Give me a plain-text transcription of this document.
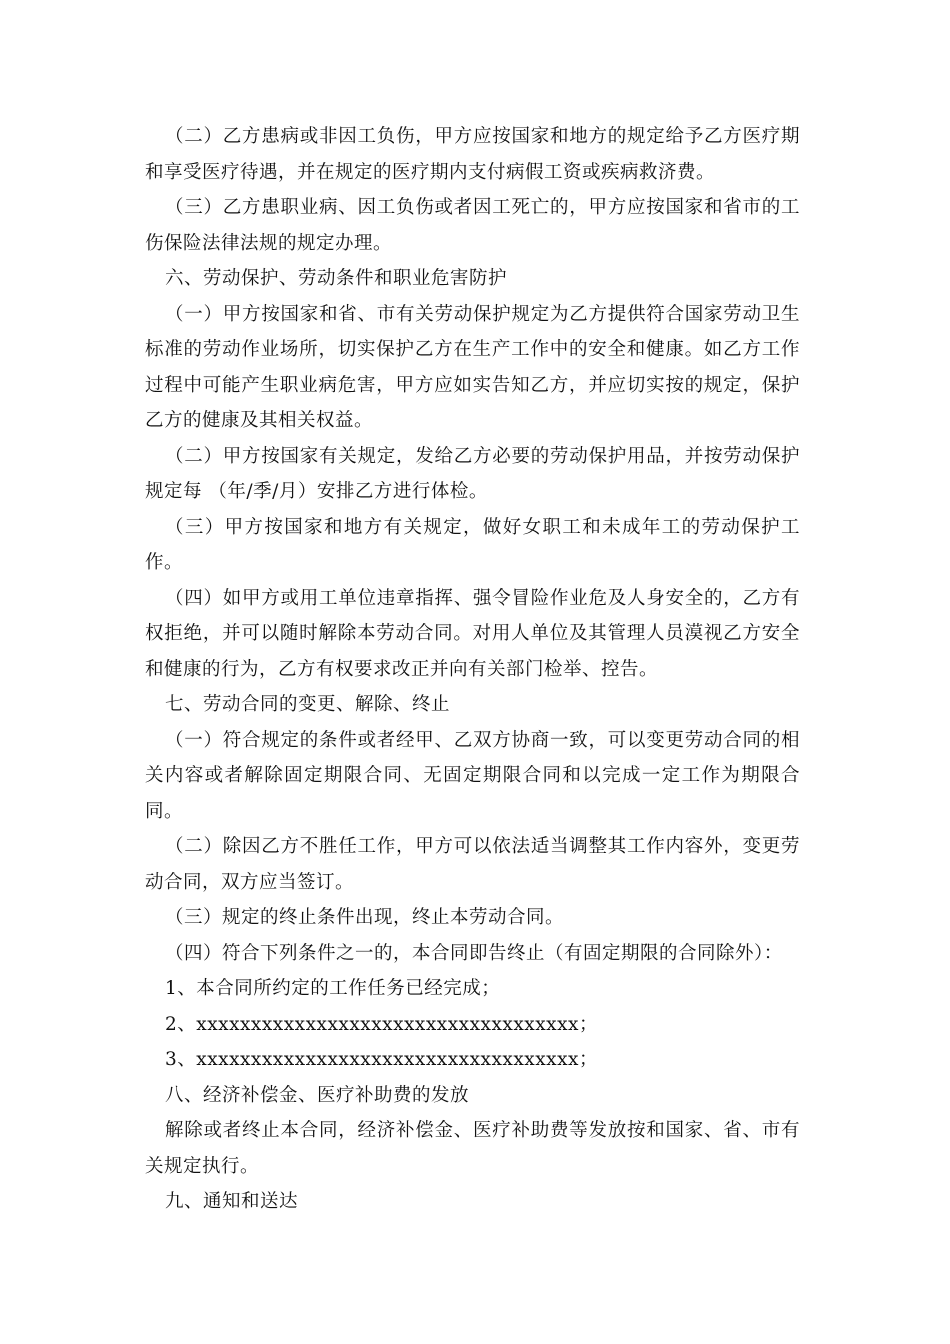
（二）乙方患病或非因工负伤，甲方应按国家和地方的规定给予乙方医疗期和享受医疗待遇，并在规定的医疗期内支付病假工资或疾病救济费。

（三）乙方患职业病、因工负伤或者因工死亡的，甲方应按国家和省市的工伤保险法律法规的规定办理。

六、劳动保护、劳动条件和职业危害防护

（一）甲方按国家和省、市有关劳动保护规定为乙方提供符合国家劳动卫生标准的劳动作业场所，切实保护乙方在生产工作中的安全和健康。如乙方工作过程中可能产生职业病危害，甲方应如实告知乙方，并应切实按的规定，保护乙方的健康及其相关权益。

（二）甲方按国家有关规定，发给乙方必要的劳动保护用品，并按劳动保护规定每 （年/季/月）安排乙方进行体检。

（三）甲方按国家和地方有关规定，做好女职工和未成年工的劳动保护工作。

（四）如甲方或用工单位违章指挥、强令冒险作业危及人身安全的，乙方有权拒绝，并可以随时解除本劳动合同。对用人单位及其管理人员漠视乙方安全和健康的行为，乙方有权要求改正并向有关部门检举、控告。

七、劳动合同的变更、解除、终止

（一）符合规定的条件或者经甲、乙双方协商一致，可以变更劳动合同的相关内容或者解除固定期限合同、无固定期限合同和以完成一定工作为期限合同。

（二）除因乙方不胜任工作，甲方可以依法适当调整其工作内容外，变更劳动合同，双方应当签订。

（三）规定的终止条件出现，终止本劳动合同。

（四）符合下列条件之一的，本合同即告终止（有固定期限的合同除外）：

1、本合同所约定的工作任务已经完成；

2、xxxxxxxxxxxxxxxxxxxxxxxxxxxxxxxxxxx；

3、xxxxxxxxxxxxxxxxxxxxxxxxxxxxxxxxxxx；

八、经济补偿金、医疗补助费的发放

解除或者终止本合同，经济补偿金、医疗补助费等发放按和国家、省、市有关规定执行。

九、通知和送达
